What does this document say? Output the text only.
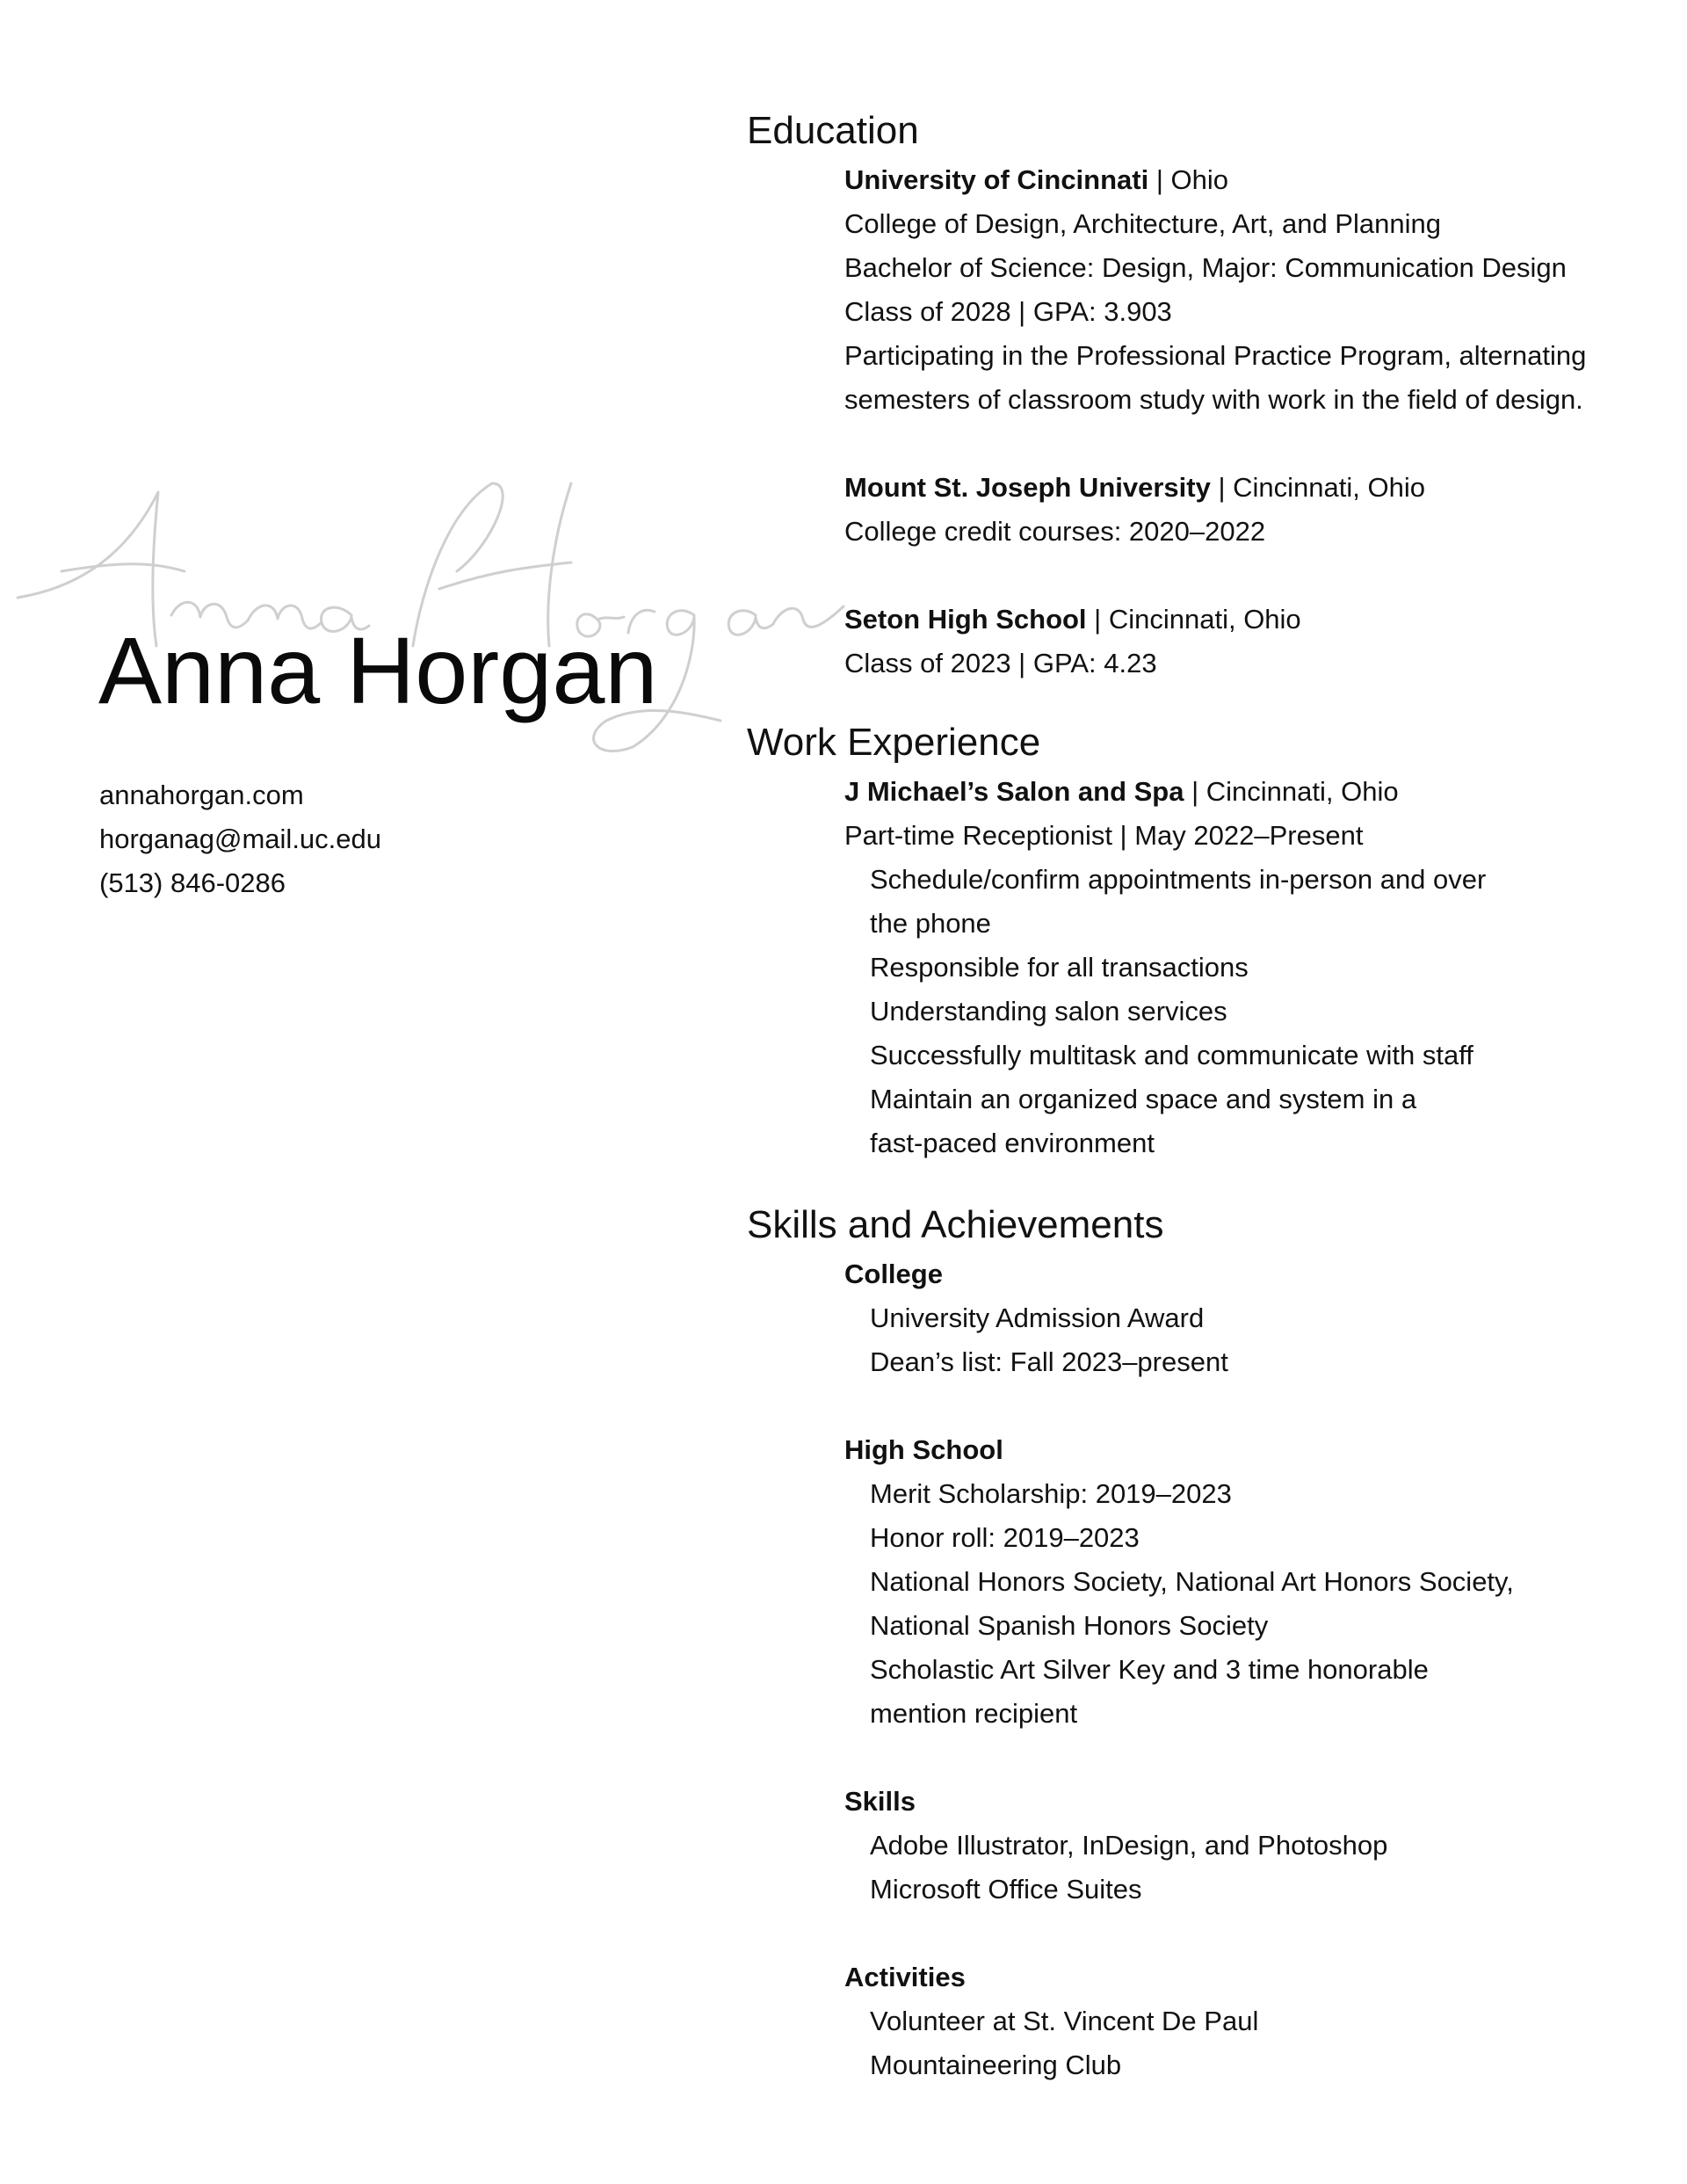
Anna Horgan
annahorgan.com
horganag@mail.uc.edu
(513) 846-0286
Education
University of Cincinnati | Ohio
College of Design, Architecture, Art, and Planning
Bachelor of Science: Design, Major: Communication Design
Class of 2028 | GPA: 3.903
Participating in the Professional Practice Program, alternating
semesters of classroom study with work in the field of design.
Mount St. Joseph University | Cincinnati, Ohio
College credit courses: 2020–2022
Seton High School | Cincinnati, Ohio
Class of 2023 | GPA: 4.23
Work Experience
J Michael’s Salon and Spa | Cincinnati, Ohio
Part-time Receptionist | May 2022–Present
Schedule/confirm appointments in-person and over
the phone
Responsible for all transactions
Understanding salon services
Successfully multitask and communicate with staff
Maintain an organized space and system in a
fast-paced environment
Skills and Achievements
College
University Admission Award
Dean’s list: Fall 2023–present
High School
Merit Scholarship: 2019–2023
Honor roll: 2019–2023
National Honors Society, National Art Honors Society,
National Spanish Honors Society
Scholastic Art Silver Key and 3 time honorable
mention recipient
Skills
Adobe Illustrator, InDesign, and Photoshop
Microsoft Office Suites
Activities
Volunteer at St. Vincent De Paul
Mountaineering Club
